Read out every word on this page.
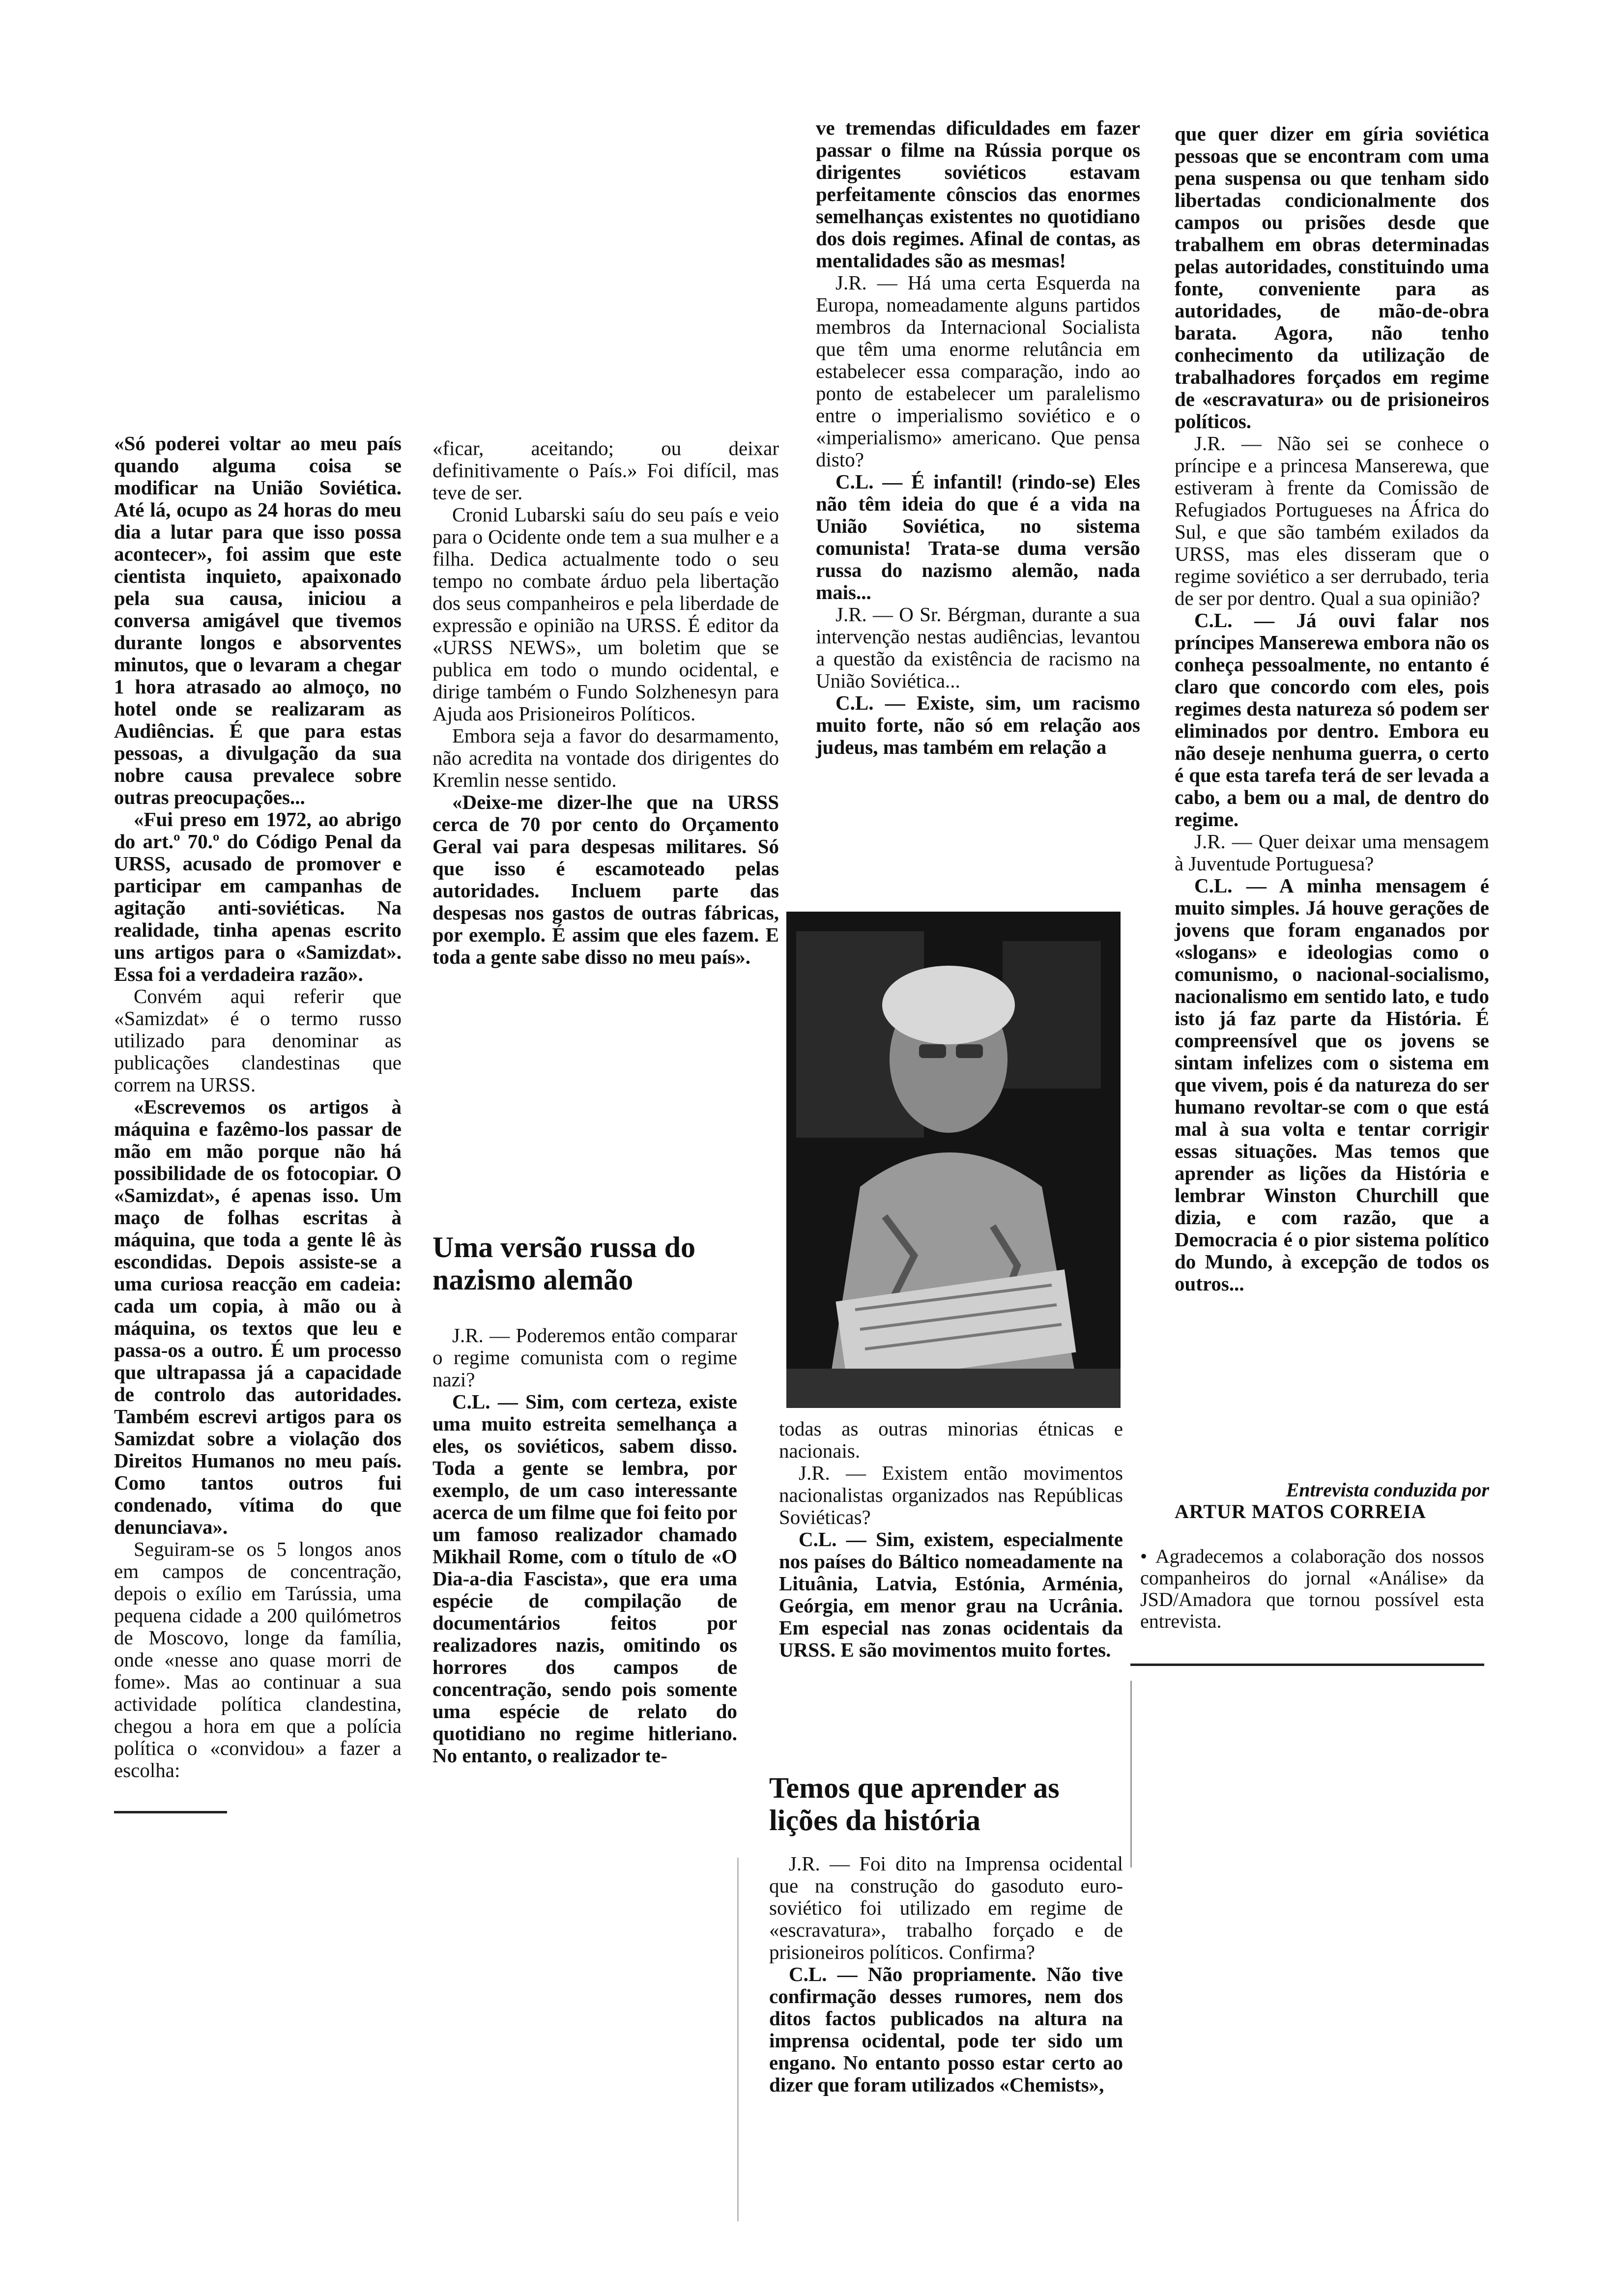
«Só poderei voltar ao meu país quando alguma coisa se modificar na União Soviética. Até lá, ocupo as 24 horas do meu dia a lutar para que isso possa acontecer», foi assim que este cientista inquieto, apaixonado pela sua causa, iniciou a conversa amigável que tivemos durante longos e absorventes minutos, que o levaram a chegar 1 hora atrasado ao almoço, no hotel onde se realizaram as Audiências. É que para estas pessoas, a divulgação da sua nobre causa prevalece sobre outras preocupações...

«Fui preso em 1972, ao abrigo do art.º 70.º do Código Penal da URSS, acusado de promover e participar em campanhas de agitação anti-soviéticas. Na realidade, tinha apenas escrito uns artigos para o «Samizdat». Essa foi a verdadeira razão».

Convém aqui referir que «Samizdat» é o termo russo utilizado para denominar as publicações clandestinas que correm na URSS.

«Escrevemos os artigos à máquina e fazêmo-los passar de mão em mão porque não há possibilidade de os fotocopiar. O «Samizdat», é apenas isso. Um maço de folhas escritas à máquina, que toda a gente lê às escondidas. Depois assiste-se a uma curiosa reacção em cadeia: cada um copia, à mão ou à máquina, os textos que leu e passa-os a outro. É um processo que ultrapassa já a capacidade de controlo das autoridades. Também escrevi artigos para os Samizdat sobre a violação dos Direitos Humanos no meu país. Como tantos outros fui condenado, vítima do que denunciava».

Seguiram-se os 5 longos anos em campos de concentração, depois o exílio em Tarússia, uma pequena cidade a 200 quilómetros de Moscovo, longe da família, onde «nesse ano quase morri de fome». Mas ao continuar a sua actividade política clandestina, chegou a hora em que a polícia política o «convidou» a fazer a escolha:

«ficar, aceitando; ou deixar definitivamente o País.» Foi difícil, mas teve de ser.

Cronid Lubarski saíu do seu país e veio para o Ocidente onde tem a sua mulher e a filha. Dedica actualmente todo o seu tempo no combate árduo pela libertação dos seus companheiros e pela liberdade de expressão e opinião na URSS. É editor da «URSS NEWS», um boletim que se publica em todo o mundo ocidental, e dirige também o Fundo Solzhenesyn para Ajuda aos Prisioneiros Políticos.

Embora seja a favor do desarmamento, não acredita na vontade dos dirigentes do Kremlin nesse sentido.

«Deixe-me dizer-lhe que na URSS cerca de 70 por cento do Orçamento Geral vai para despesas militares. Só que isso é escamoteado pelas autoridades. Incluem parte das despesas nos gastos de outras fábricas, por exemplo. É assim que eles fazem. E toda a gente sabe disso no meu país».

Uma versão russa do nazismo alemão

J.R. — Poderemos então comparar o regime comunista com o regime nazi?

C.L. — Sim, com certeza, existe uma muito estreita semelhança a eles, os soviéticos, sabem disso. Toda a gente se lembra, por exemplo, de um caso interessante acerca de um filme que foi feito por um famoso realizador chamado Mikhail Rome, com o título de «O Dia-a-dia Fascista», que era uma espécie de compilação de documentários feitos por realizadores nazis, omitindo os horrores dos campos de concentração, sendo pois somente uma espécie de relato do quotidiano no regime hitleriano. No entanto, o realizador te-

ve tremendas dificuldades em fazer passar o filme na Rússia porque os dirigentes soviéticos estavam perfeitamente cônscios das enormes semelhanças existentes no quotidiano dos dois regimes. Afinal de contas, as mentalidades são as mesmas!

J.R. — Há uma certa Esquerda na Europa, nomeadamente alguns partidos membros da Internacional Socialista que têm uma enorme relutância em estabelecer essa comparação, indo ao ponto de estabelecer um paralelismo entre o imperialismo soviético e o «imperialismo» americano. Que pensa disto?

C.L. — É infantil! (rindo-se) Eles não têm ideia do que é a vida na União Soviética, no sistema comunista! Trata-se duma versão russa do nazismo alemão, nada mais...

J.R. — O Sr. Bérgman, durante a sua intervenção nestas audiências, levantou a questão da existência de racismo na União Soviética...

C.L. — Existe, sim, um racismo muito forte, não só em relação aos judeus, mas também em relação a

todas as outras minorias étnicas e nacionais.

J.R. — Existem então movimentos nacionalistas organizados nas Repúblicas Soviéticas?

C.L. — Sim, existem, especialmente nos países do Báltico nomeadamente na Lituânia, Latvia, Estónia, Arménia, Geórgia, em menor grau na Ucrânia. Em especial nas zonas ocidentais da URSS. E são movimentos muito fortes.

Temos que aprender as lições da história

J.R. — Foi dito na Imprensa ocidental que na construção do gasoduto euro-soviético foi utilizado em regime de «escravatura», trabalho forçado e de prisioneiros políticos. Confirma?

C.L. — Não propriamente. Não tive confirmação desses rumores, nem dos ditos factos publicados na altura na imprensa ocidental, pode ter sido um engano. No entanto posso estar certo ao dizer que foram utilizados «Chemists»,

que quer dizer em gíria soviética pessoas que se encontram com uma pena suspensa ou que tenham sido libertadas condicionalmente dos campos ou prisões desde que trabalhem em obras determinadas pelas autoridades, constituindo uma fonte, conveniente para as autoridades, de mão-de-obra barata. Agora, não tenho conhecimento da utilização de trabalhadores forçados em regime de «escravatura» ou de prisioneiros políticos.

J.R. — Não sei se conhece o príncipe e a princesa Manserewa, que estiveram à frente da Comissão de Refugiados Portugueses na África do Sul, e que são também exilados da URSS, mas eles disseram que o regime soviético a ser derrubado, teria de ser por dentro. Qual a sua opinião?

C.L. — Já ouvi falar nos príncipes Manserewa embora não os conheça pessoalmente, no entanto é claro que concordo com eles, pois regimes desta natureza só podem ser eliminados por dentro. Embora eu não deseje nenhuma guerra, o certo é que esta tarefa terá de ser levada a cabo, a bem ou a mal, de dentro do regime.

J.R. — Quer deixar uma mensagem à Juventude Portuguesa?

C.L. — A minha mensagem é muito simples. Já houve gerações de jovens que foram enganados por «slogans» e ideologias como o comunismo, o nacional-socialismo, nacionalismo em sentido lato, e tudo isto já faz parte da História. É compreensível que os jovens se sintam infelizes com o sistema em que vivem, pois é da natureza do ser humano revoltar-se com o que está mal à sua volta e tentar corrigir essas situações. Mas temos que aprender as lições da História e lembrar Winston Churchill que dizia, e com razão, que a Democracia é o pior sistema político do Mundo, à excepção de todos os outros...

Entrevista conduzida por
ARTUR MATOS CORREIA
• Agradecemos a colaboração dos nossos companheiros do jornal «Análise» da JSD/Amadora que tornou possível esta entrevista.
